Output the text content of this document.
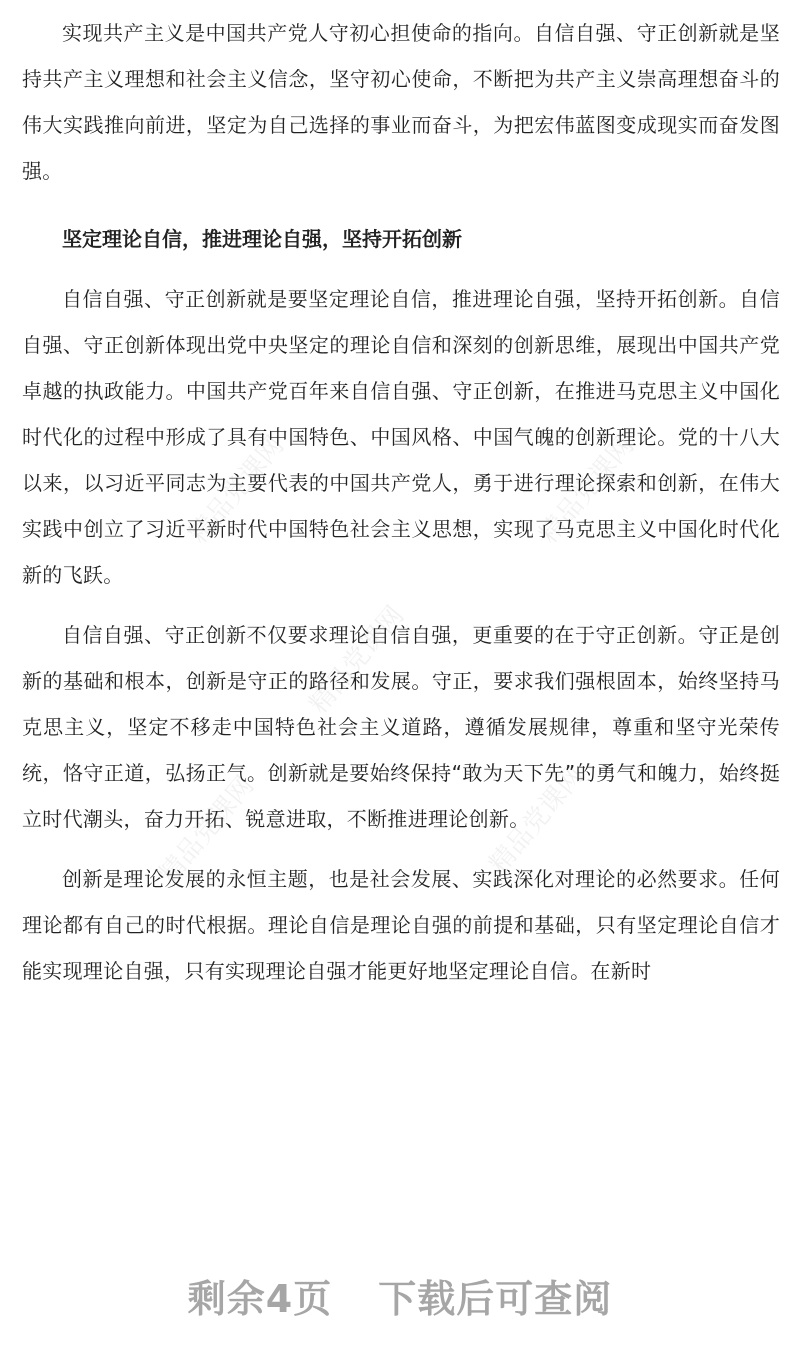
实现共产主义是中国共产党人守初心担使命的指向。自信自强、守正创新就是坚持共产主义理想和社会主义信念，坚守初心使命，不断把为共产主义崇高理想奋斗的伟大实践推向前进，坚定为自己选择的事业而奋斗，为把宏伟蓝图变成现实而奋发图强。

坚定理论自信，推进理论自强，坚持开拓创新

自信自强、守正创新就是要坚定理论自信，推进理论自强，坚持开拓创新。自信自强、守正创新体现出党中央坚定的理论自信和深刻的创新思维，展现出中国共产党卓越的执政能力。中国共产党百年来自信自强、守正创新，在推进马克思主义中国化时代化的过程中形成了具有中国特色、中国风格、中国气魄的创新理论。党的十八大以来，以习近平同志为主要代表的中国共产党人，勇于进行理论探索和创新，在伟大实践中创立了习近平新时代中国特色社会主义思想，实现了马克思主义中国化时代化新的飞跃。

自信自强、守正创新不仅要求理论自信自强，更重要的在于守正创新。守正是创新的基础和根本，创新是守正的路径和发展。守正，要求我们强根固本，始终坚持马克思主义，坚定不移走中国特色社会主义道路，遵循发展规律，尊重和坚守光荣传统，恪守正道，弘扬正气。创新就是要始终保持“敢为天下先”的勇气和魄力，始终挺立时代潮头，奋力开拓、锐意进取，不断推进理论创新。

创新是理论发展的永恒主题，也是社会发展、实践深化对理论的必然要求。任何理论都有自己的时代根据。理论自信是理论自强的前提和基础，只有坚定理论自信才能实现理论自强，只有实现理论自强才能更好地坚定理论自信。在新时

精品党课网	精品党课网
精品党课网
精品党课网	精品党课网
剩余4页 下载后可查阅
